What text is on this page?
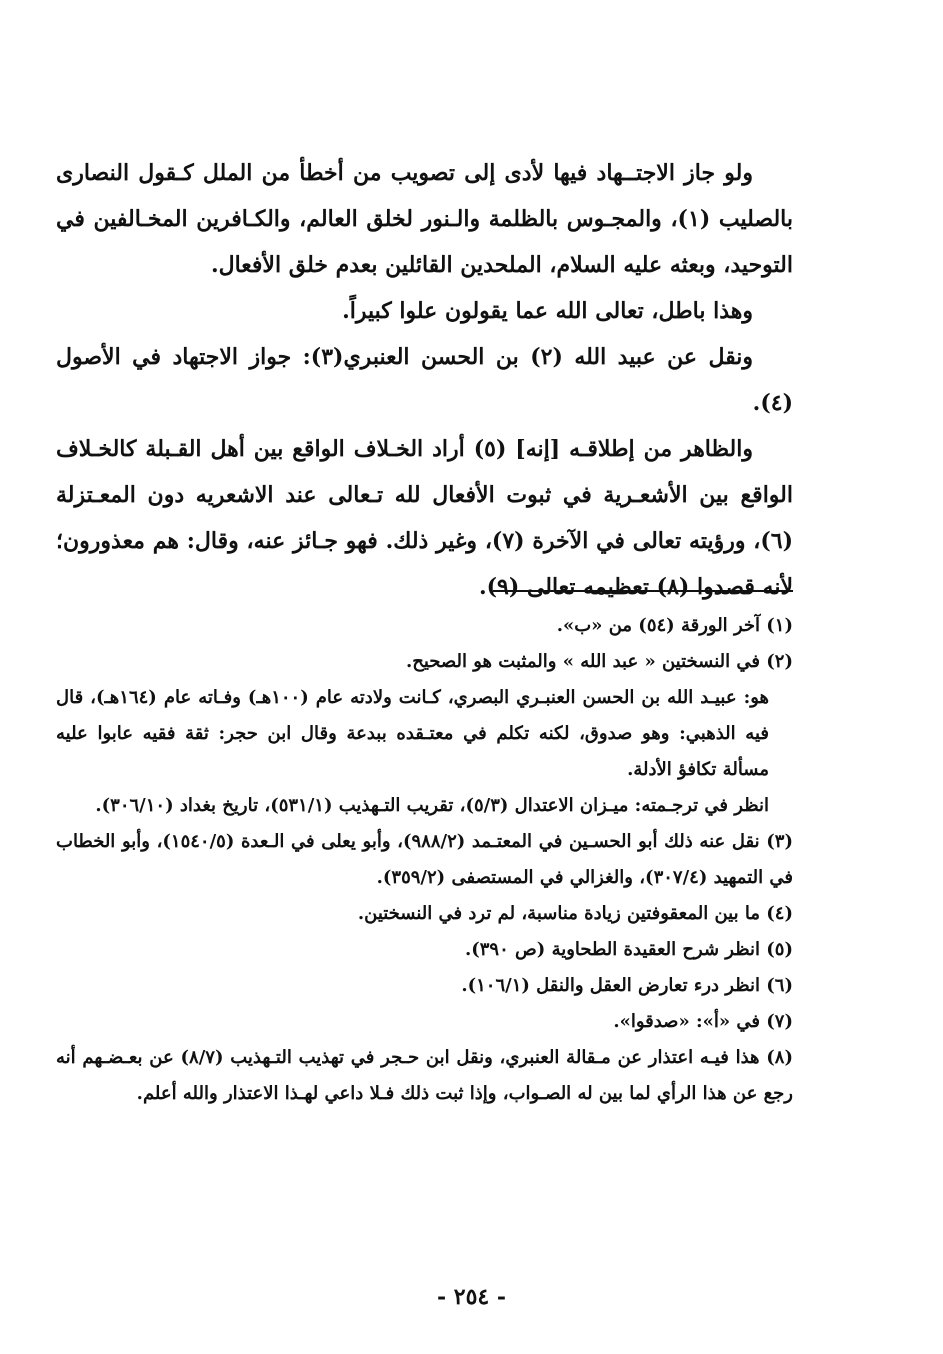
ولو جاز الاجتــهاد فيها لأدى إلى تصويب من أخطأ من الملل كـقول النصارى بالصليب (١)، والمجـوس بالظلمة والـنور لخلق العالم، والكـافرين المخـالفين في التوحيد، وبعثه عليه السلام، الملحدين القائلين بعدم خلق الأفعال.

وهذا باطل، تعالى الله عما يقولون علوا كبيراً.

ونقل عن عبيد الله (٢) بن الحسن العنبري(٣): جواز الاجتهاد في الأصول (٤).

والظاهر من إطلاقـه [إنه] (٥) أراد الخـلاف الواقع بين أهل القـبلة كالخـلاف الواقع بين الأشعـرية في ثبوت الأفعال لله تـعالى عند الاشعريه دون المعـتزلة (٦)، ورؤيته تعالى في الآخرة (٧)، وغير ذلك. فهو جـائز عنه، وقال: هم معذورون؛ لأنه قصدوا (٨) تعظيمه تعالى (٩).

(١) آخر الورقة (٥٤) من «ب».

(٢) في النسختين « عبد الله » والمثبت هو الصحيح.

هو: عبيـد الله بن الحسن العنبـري البصري، كـانت ولادته عام (١٠٠هـ) وفـاته عام (١٦٤هـ)، قال فيه الذهبي: وهو صدوق، لكنه تكلم في معتـقده ببدعة وقال ابن حجر: ثقة فقيه عابوا عليه مسألة تكافؤ الأدلة.

انظر في ترجـمته: ميـزان الاعتدال (٥/٣)، تقريب التـهذيب (٥٣١/١)، تاريخ بغداد (٣٠٦/١٠).

(٣) نقل عنه ذلك أبو الحسـين في المعتـمد (٩٨٨/٢)، وأبو يعلى في الـعدة (١٥٤٠/٥)، وأبو الخطاب في التمهيد (٣٠٧/٤)، والغزالي في المستصفى (٣٥٩/٢).

(٤) ما بين المعقوفتين زيادة مناسبة، لم ترد في النسختين.

(٥) انظر شرح العقيدة الطحاوية (ص ٣٩٠).

(٦) انظر درء تعارض العقل والنقل (١٠٦/١).

(٧) في «أ»: «صدقوا».

(٨) هذا فيـه اعتذار عن مـقالة العنبري، ونقل ابن حـجر في تهذيب التـهذيب (٨/٧) عن بعـضـهم أنه رجع عن هذا الرأي لما بين له الصـواب، وإذا ثبت ذلك فـلا داعي لهـذا الاعتذار والله أعلم.

- ٢٥٤ -
